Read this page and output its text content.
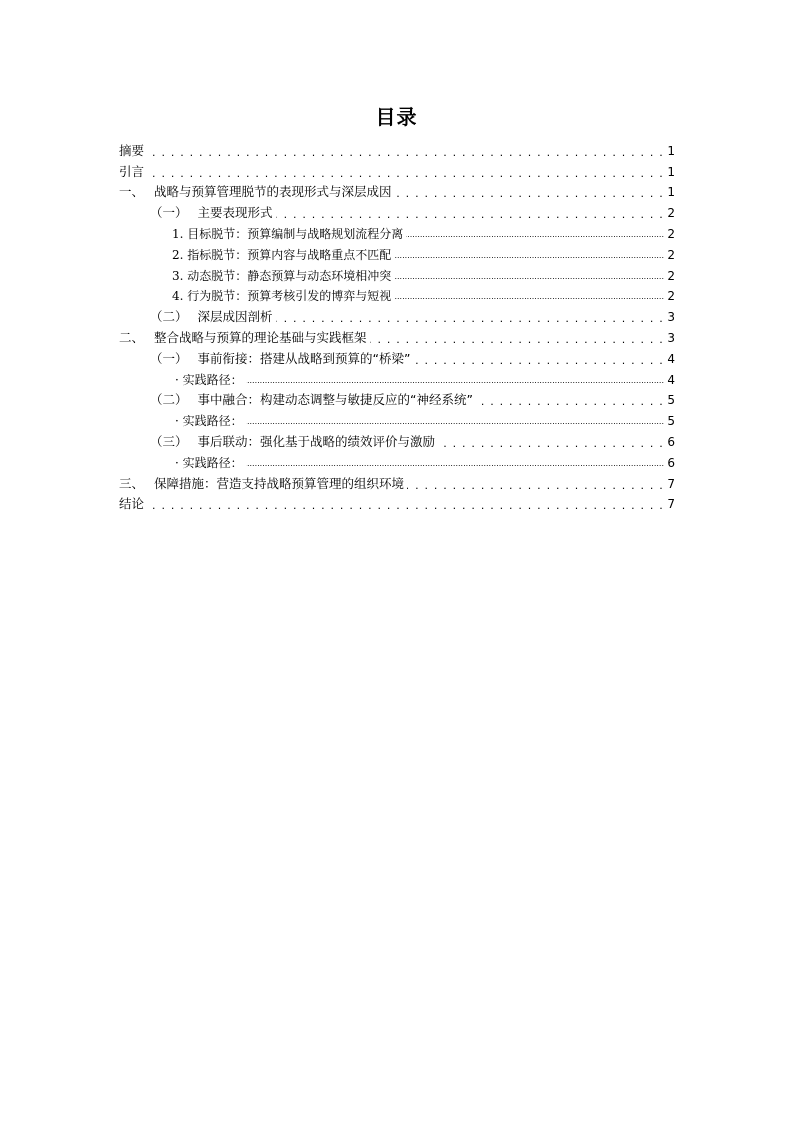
目录
摘要 . . .	1
引言 . . .	1
一、 战略与预算管理脱节的表现形式与深层成因 . . .	1
（一） 主要表现形式 . . .	2
1. 目标脱节：预算编制与战略规划流程分离 .....	2
2. 指标脱节：预算内容与战略重点不匹配 .....	2
3. 动态脱节：静态预算与动态环境相冲突 .....	2
4. 行为脱节：预算考核引发的博弈与短视 .....	2
（二） 深层成因剖析 . . .	3
二、 整合战略与预算的理论基础与实践框架 . . .	3
（一） 事前衔接：搭建从战略到预算的“桥梁” . . .	4
· 实践路径： .....	4
（二） 事中融合：构建动态调整与敏捷反应的“神经系统” . . .	5
· 实践路径： .....	5
（三） 事后联动：强化基于战略的绩效评价与激励 . . .	6
· 实践路径： .....	6
三、 保障措施：营造支持战略预算管理的组织环境 . . .	7
结论 . . .	7
